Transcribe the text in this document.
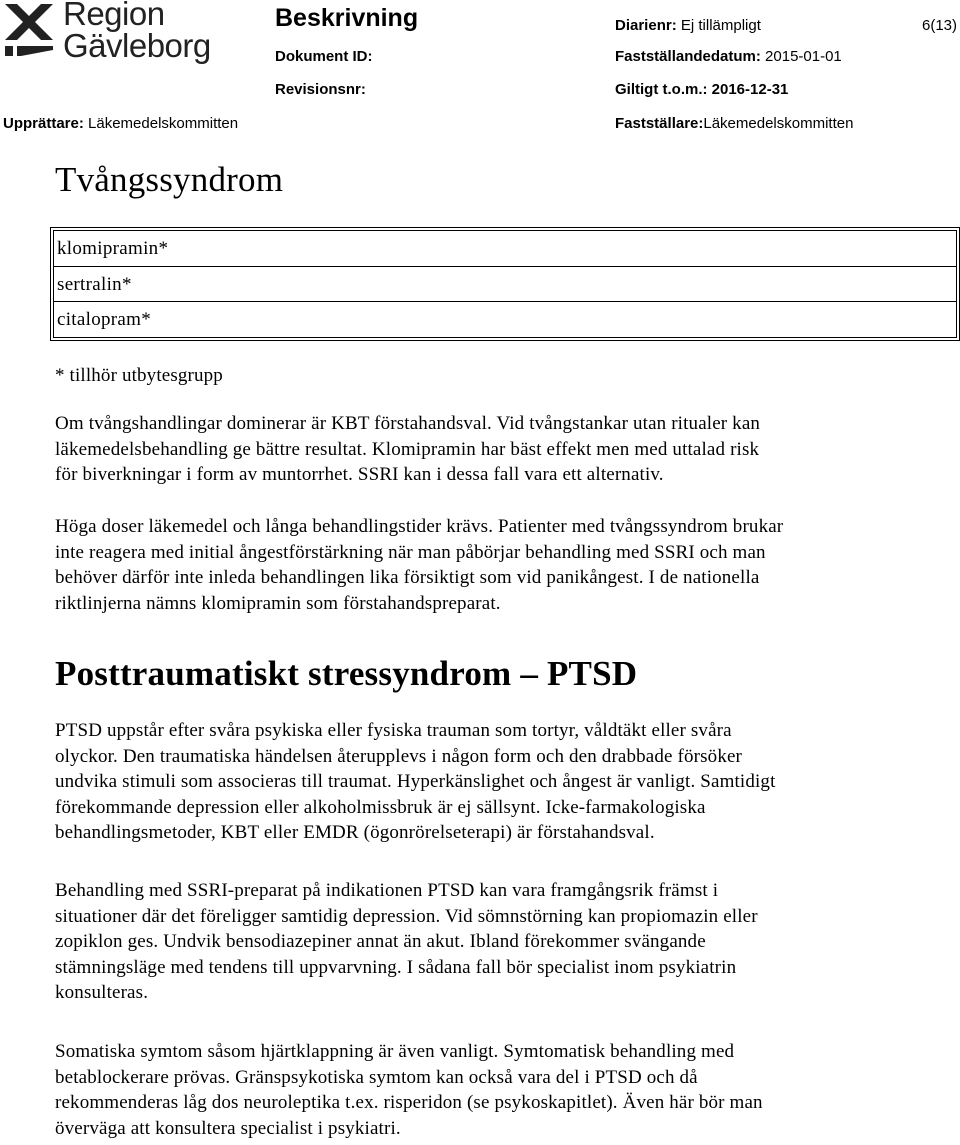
Region
Gävleborg
Beskrivning	Diarienr: Ej tillämpligt	6(13)
Dokument ID:	Fastställandedatum: 2015-01-01
Revisionsnr:	Giltigt t.o.m.: 2016-12-31
Upprättare: Läkemedelskommitten	Fastställare:Läkemedelskommitten
Tvångssyndrom
klomipramin*
sertralin*
citalopram*
* tillhör utbytesgrupp
Om tvångshandlingar dominerar är KBT förstahandsval. Vid tvångstankar utan ritualer kan
läkemedelsbehandling ge bättre resultat. Klomipramin har bäst effekt men med uttalad risk
för biverkningar i form av muntorrhet. SSRI kan i dessa fall vara ett alternativ.
Höga doser läkemedel och långa behandlingstider krävs. Patienter med tvångssyndrom brukar
inte reagera med initial ångestförstärkning när man påbörjar behandling med SSRI och man
behöver därför inte inleda behandlingen lika försiktigt som vid panikångest. I de nationella
riktlinjerna nämns klomipramin som förstahandspreparat.
Posttraumatiskt stressyndrom – PTSD
PTSD uppstår efter svåra psykiska eller fysiska trauman som tortyr, våldtäkt eller svåra
olyckor. Den traumatiska händelsen återupplevs i någon form och den drabbade försöker
undvika stimuli som associeras till traumat. Hyperkänslighet och ångest är vanligt. Samtidigt
förekommande depression eller alkoholmissbruk är ej sällsynt. Icke-farmakologiska
behandlingsmetoder, KBT eller EMDR (ögonrörelseterapi) är förstahandsval.
Behandling med SSRI-preparat på indikationen PTSD kan vara framgångsrik främst i
situationer där det föreligger samtidig depression. Vid sömnstörning kan propiomazin eller
zopiklon ges. Undvik bensodiazepiner annat än akut. Ibland förekommer svängande
stämningsläge med tendens till uppvarvning. I sådana fall bör specialist inom psykiatrin
konsulteras.
Somatiska symtom såsom hjärtklappning är även vanligt. Symtomatisk behandling med
betablockerare prövas. Gränspsykotiska symtom kan också vara del i PTSD och då
rekommenderas låg dos neuroleptika t.ex. risperidon (se psykoskapitlet). Även här bör man
överväga att konsultera specialist i psykiatri.
